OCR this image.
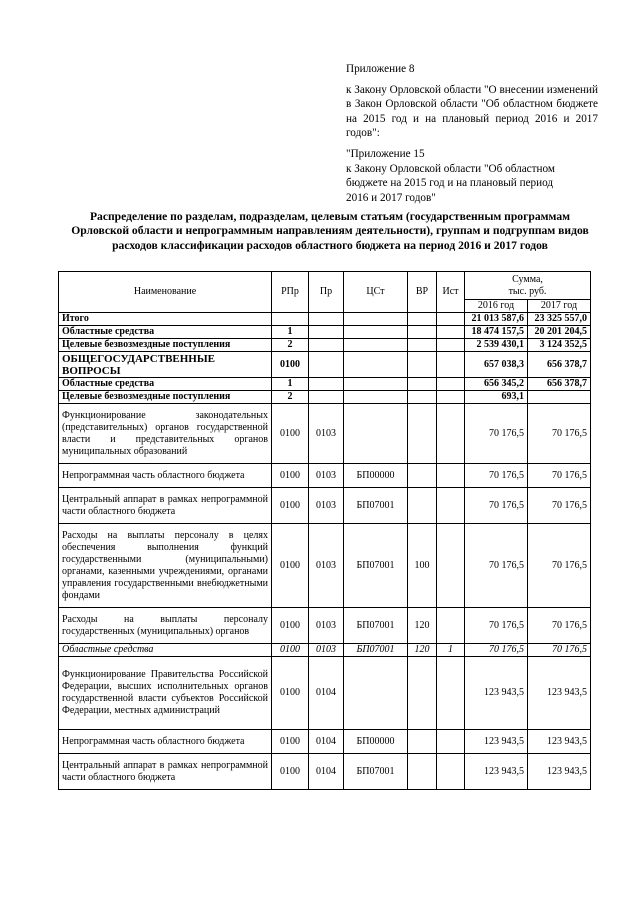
Приложение 8

к Закону Орловской области "О внесении изменений в Закон Орловской области "Об областном бюджете на 2015 год и на плановый период 2016 и 2017 годов":

"Приложение 15
к Закону Орловской области "Об областном
бюджете на 2015 год и на плановый период
2016 и 2017 годов"

Распределение по разделам, подразделам, целевым статьям (государственным программам Орловской области и непрограммным направлениям деятельности), группам и подгруппам видов расходов классификации расходов областного бюджета на период 2016 и 2017 годов
Наименование	РПр	Пр	ЦСт	ВР	Ист	Сумма,
тыс. руб.	
						2016 год	2017 год
Итого						21 013 587,6	23 325 557,0
Областные средства	1					18 474 157,5	20 201 204,5
Целевые безвозмездные поступления	2					2 539 430,1	3 124 352,5
ОБЩЕГОСУДАРСТВЕННЫЕ ВОПРОСЫ	0100					657 038,3	656 378,7
Областные средства	1					656 345,2	656 378,7
Целевые безвозмездные поступления	2					693,1	
Функционирование законодательных (представительных) органов государственной власти и представительных органов муниципальных образований	0100	0103				70 176,5	70 176,5
Непрограммная часть областного бюджета	0100	0103	БП00000			70 176,5	70 176,5
Центральный аппарат в рамках непрограммной части областного бюджета	0100	0103	БП07001			70 176,5	70 176,5
Расходы на выплаты персоналу в целях обеспечения выполнения функций государственными (муниципальными) органами, казенными учреждениями, органами управления государственными внебюджетными фондами	0100	0103	БП07001	100		70 176,5	70 176,5
Расходы на выплаты персоналу государственных (муниципальных) органов	0100	0103	БП07001	120		70 176,5	70 176,5
Областные средства	0100	0103	БП07001	120	1	70 176,5	70 176,5
Функционирование Правительства Российской Федерации, высших исполнительных органов государственной власти субъектов Российской Федерации, местных администраций	0100	0104				123 943,5	123 943,5
Непрограммная часть областного бюджета	0100	0104	БП00000			123 943,5	123 943,5
Центральный аппарат в рамках непрограммной части областного бюджета	0100	0104	БП07001			123 943,5	123 943,5
